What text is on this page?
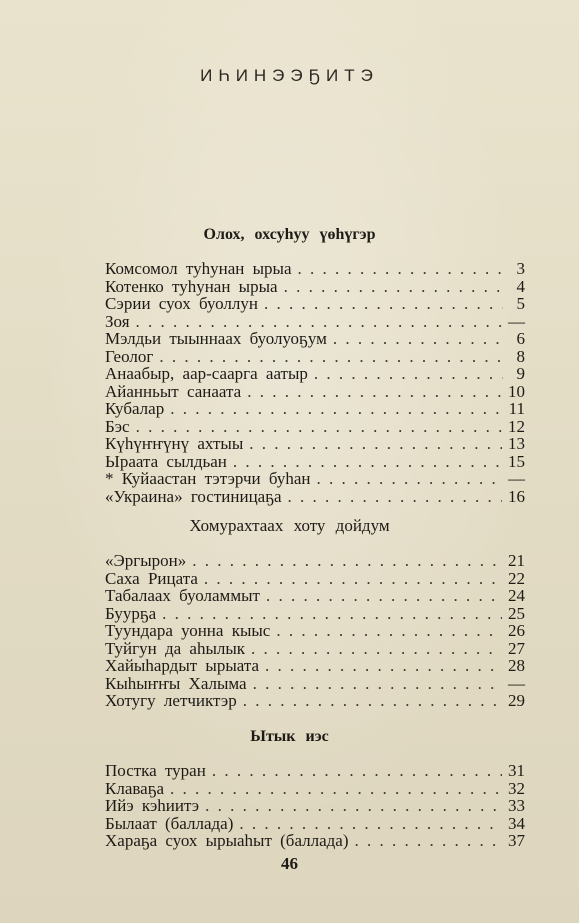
ИҺИНЭЭҔИТЭ
Олох, охсуһуу үөһүгэр
Комсомол туһунан ырыа . . .	3
Котенко туһунан ырыа . . .	4
Сэрии суох буоллун . . .	5
Зоя . . .	—
Мэлдьи тыыннаах буолуоҕум . . .	6
Геолог . . .	8
Анаабыр, аар-саарга аатыр . . .	9
Айанньыт санаата . . .	10
Кубалар . . .	11
Бэс . . .	12
Күһүҥҥүнү ахтыы . . .	13
Ыраата сылдьан . . .	15
* Куйаастан тэтэрчи буһан . . .	—
«Украина» гостиницаҕа . . .	16
Хомурахтаах хоту дойдум
«Эргырон» . . .	21
Саха Рицата . . .	22
Табалаах буоламмыт . . .	24
Буурҕа . . .	25
Туундара уонна кыыс . . .	26
Туйгун да аһылык . . .	27
Хайыһардыт ырыата . . .	28
Кыһыҥҥы Халыма . . .	—
Хотугу летчиктэр . . .	29
Ытык иэс
Постка туран . . .	31
Клаваҕа . . .	32
Ийэ кэһиитэ . . .	33
Былаат (баллада) . . .	34
Хараҕа суох ырыаһыт (баллада) . . .	37
46
